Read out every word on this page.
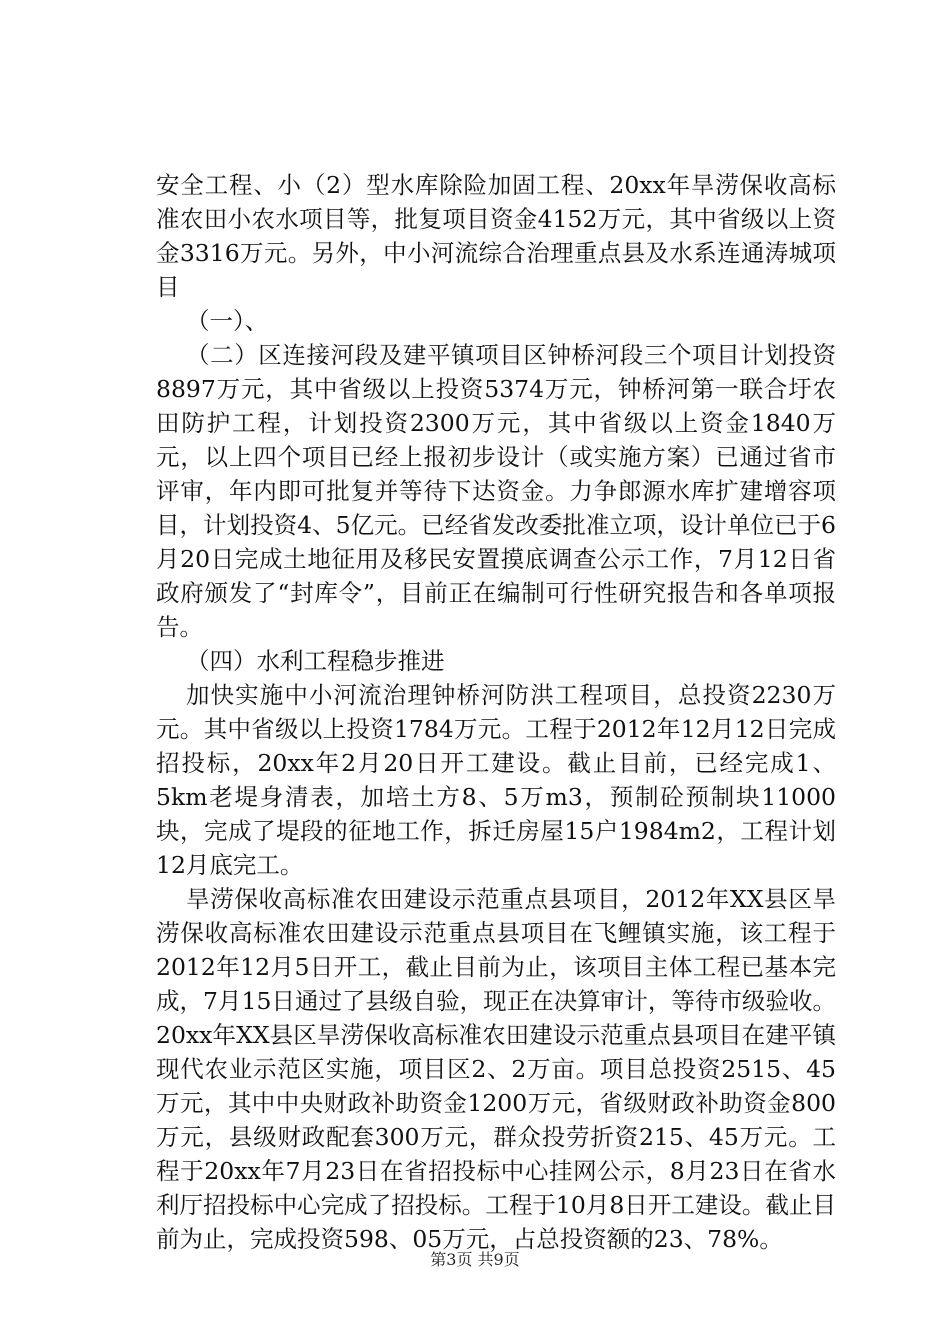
安全工程、小（2）型水库除险加固工程、20xx年旱涝保收高标准农田小农水项目等，批复项目资金4152万元，其中省级以上资金3316万元。另外，中小河流综合治理重点县及水系连通涛城项目

（一）、

（二）区连接河段及建平镇项目区钟桥河段三个项目计划投资8897万元，其中省级以上投资5374万元，钟桥河第一联合圩农田防护工程，计划投资2300万元，其中省级以上资金1840万元，以上四个项目已经上报初步设计（或实施方案）已通过省市评审，年内即可批复并等待下达资金。力争郎源水库扩建增容项目，计划投资4、5亿元。已经省发改委批准立项，设计单位已于6月20日完成土地征用及移民安置摸底调查公示工作，7月12日省政府颁发了“封库令”，目前正在编制可行性研究报告和各单项报告。

（四）水利工程稳步推进

加快实施中小河流治理钟桥河防洪工程项目，总投资2230万元。其中省级以上投资1784万元。工程于2012年12月12日完成招投标，20xx年2月20日开工建设。截止目前，已经完成1、5km老堤身清表，加培土方8、5万m3，预制砼预制块11000块，完成了堤段的征地工作，拆迁房屋15户1984m2，工程计划12月底完工。

旱涝保收高标准农田建设示范重点县项目，2012年XX县区旱涝保收高标准农田建设示范重点县项目在飞鲤镇实施，该工程于2012年12月5日开工，截止目前为止，该项目主体工程已基本完成，7月15日通过了县级自验，现正在决算审计，等待市级验收。20xx年XX县区旱涝保收高标准农田建设示范重点县项目在建平镇现代农业示范区实施，项目区2、2万亩。项目总投资2515、45万元，其中中央财政补助资金1200万元，省级财政补助资金800万元，县级财政配套300万元，群众投劳折资215、45万元。工程于20xx年7月23日在省招投标中心挂网公示，8月23日在省水利厅招投标中心完成了招投标。工程于10月8日开工建设。截止目前为止，完成投资598、05万元，占总投资额的23、78%。

第3页 共9页
